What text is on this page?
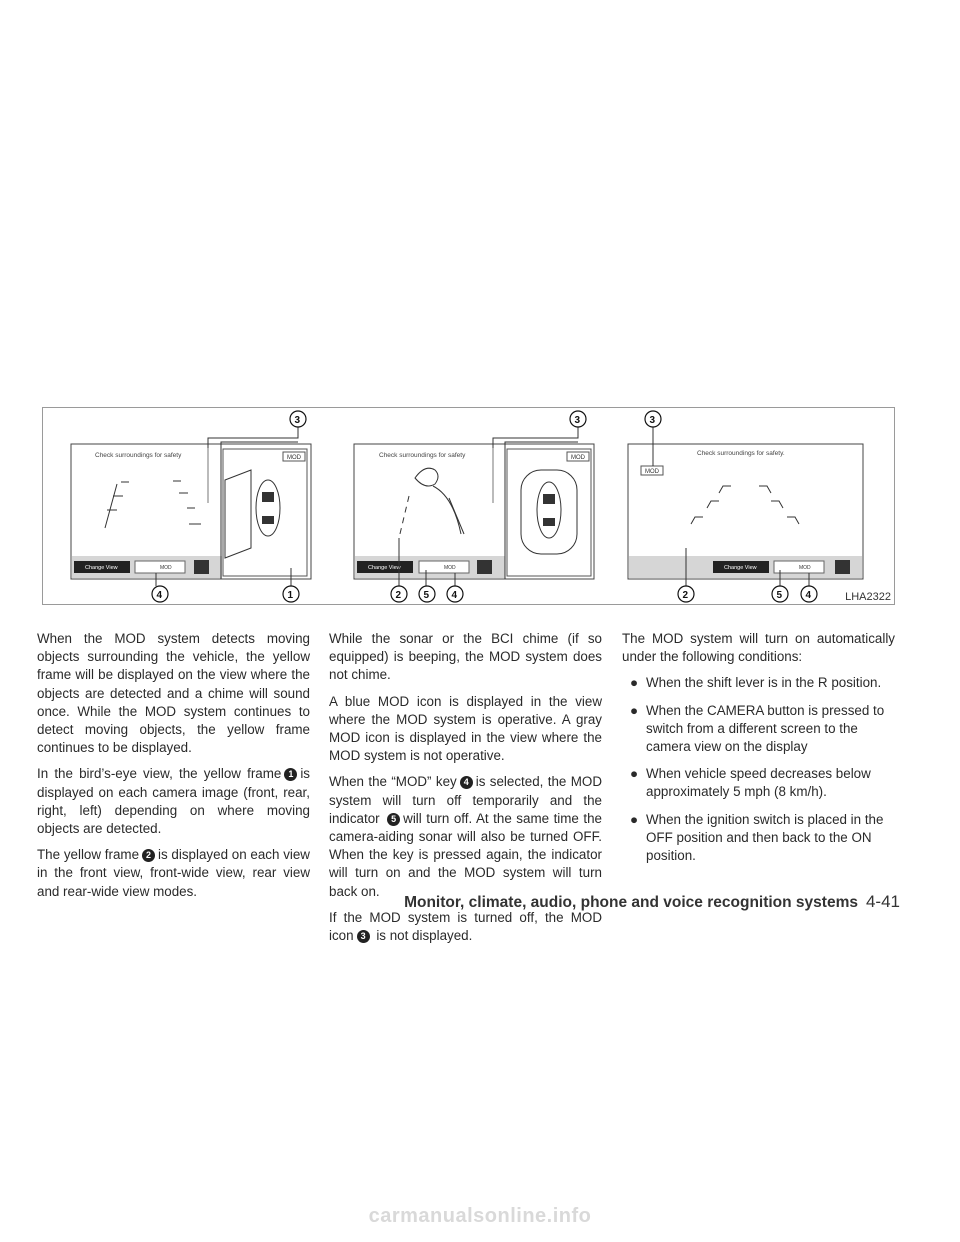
Check surroundings for safety	MOD
Change View	MOD
3
4	1
Check surroundings for safety	MOD
Change View	MOD
3
2 5 4
Check surroundings for safety.
MOD
Change View	MOD
3
2	5 4	LHA2322

When the MOD system detects moving objects surrounding the vehicle, the yellow frame will be displayed on the view where the objects are detected and a chime will sound once. While the MOD system continues to detect moving objects, the yellow frame continues to be displayed.

In the bird’s-eye view, the yellow frame 1 is displayed on each camera image (front, rear, right, left) depending on where moving objects are detected.

The yellow frame 2 is displayed on each view in the front view, front-wide view, rear view and rear-wide view modes.

While the sonar or the BCI chime (if so equipped) is beeping, the MOD system does not chime.

A blue MOD icon is displayed in the view where the MOD system is operative. A gray MOD icon is displayed in the view where the MOD system is not operative.

When the “MOD” key 4 is selected, the MOD system will turn off temporarily and the indicator 5 will turn off. At the same time the camera-aiding sonar will also be turned OFF. When the key is pressed again, the indicator will turn on and the MOD system will turn back on.

If the MOD system is turned off, the MOD icon 3 is not displayed.

The MOD system will turn on automatically under the following conditions:

● When the shift lever is in the R position.
● When the CAMERA button is pressed to switch from a different screen to the camera view on the display
● When vehicle speed decreases below approximately 5 mph (8 km/h).
● When the ignition switch is placed in the OFF position and then back to the ON position.
Monitor, climate, audio, phone and voice recognition systems 4-41
carmanualsonline.info
